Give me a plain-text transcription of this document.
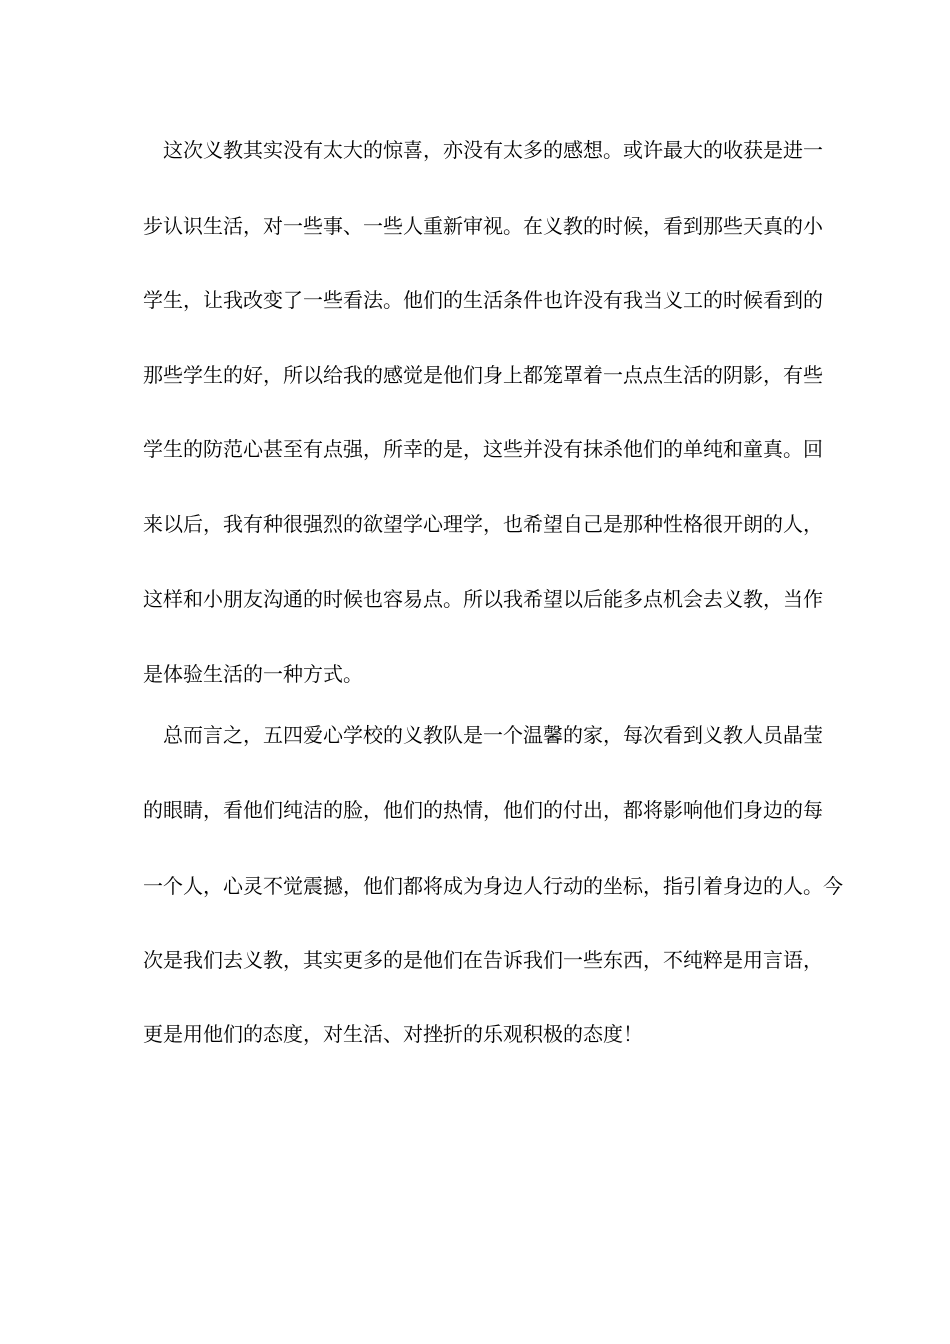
这次义教其实没有太大的惊喜，亦没有太多的感想。或许最大的收获是进一
步认识生活，对一些事、一些人重新审视。在义教的时候，看到那些天真的小
学生，让我改变了一些看法。他们的生活条件也许没有我当义工的时候看到的
那些学生的好，所以给我的感觉是他们身上都笼罩着一点点生活的阴影，有些
学生的防范心甚至有点强，所幸的是，这些并没有抹杀他们的单纯和童真。回
来以后，我有种很强烈的欲望学心理学，也希望自己是那种性格很开朗的人，
这样和小朋友沟通的时候也容易点。所以我希望以后能多点机会去义教，当作
是体验生活的一种方式。
总而言之，五四爱心学校的义教队是一个温馨的家，每次看到义教人员晶莹
的眼睛，看他们纯洁的脸，他们的热情，他们的付出，都将影响他们身边的每
一个人，心灵不觉震撼，他们都将成为身边人行动的坐标，指引着身边的人。今
次是我们去义教，其实更多的是他们在告诉我们一些东西，不纯粹是用言语，
更是用他们的态度，对生活、对挫折的乐观积极的态度！
